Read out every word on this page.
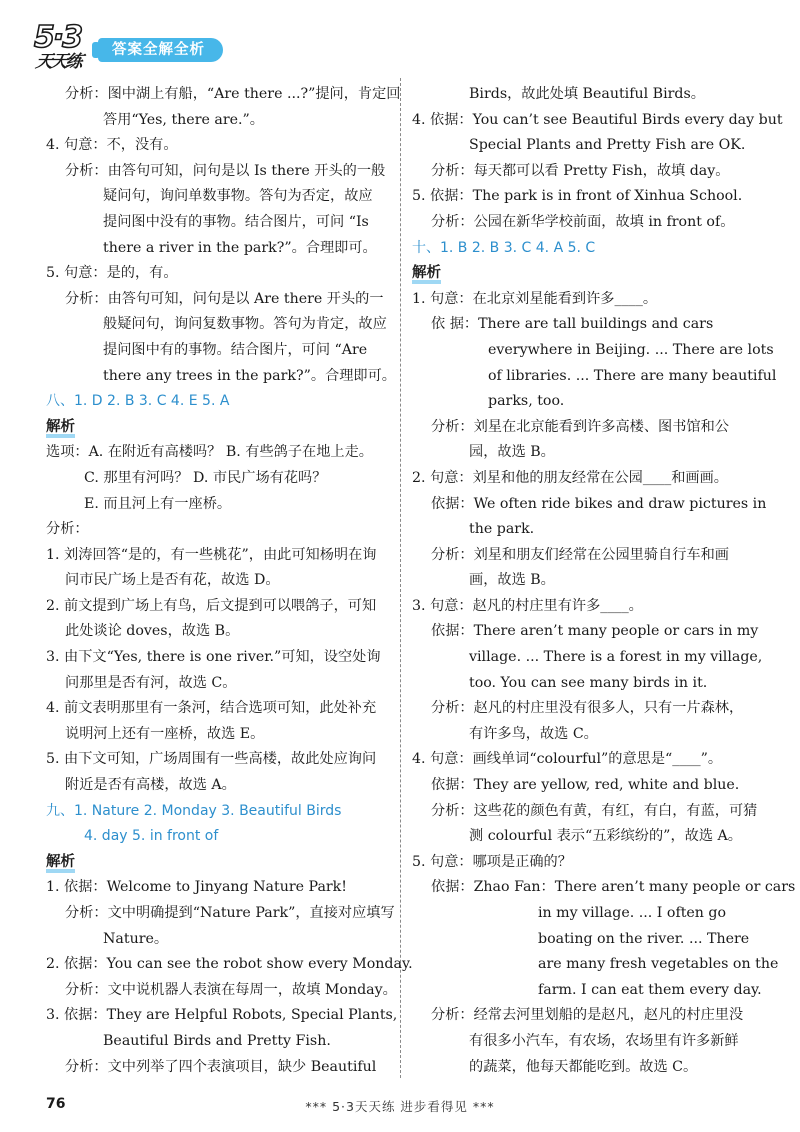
5·3
天天练
答案全解全析
分析：图中湖上有船，“Are there ...?”提问，肯定回
答用“Yes, there are.”。
4. 句意：不，没有。
分析：由答句可知，问句是以 Is there 开头的一般
疑问句，询问单数事物。答句为否定，故应
提问图中没有的事物。结合图片，可问 “Is
there a river in the park?”。合理即可。
5. 句意：是的，有。
分析：由答句可知，问句是以 Are there 开头的一
般疑问句，询问复数事物。答句为肯定，故应
提问图中有的事物。结合图片，可问 “Are
there any trees in the park?”。合理即可。
八、1. D 2. B 3. C 4. E 5. A
解析
选项：A. 在附近有高楼吗？ B. 有些鸽子在地上走。
C. 那里有河吗？ D. 市民广场有花吗？
E. 而且河上有一座桥。
分析：
1. 刘涛回答“是的，有一些桃花”，由此可知杨明在询
问市民广场上是否有花，故选 D。
2. 前文提到广场上有鸟，后文提到可以喂鸽子，可知
此处谈论 doves，故选 B。
3. 由下文“Yes, there is one river.”可知，设空处询
问那里是否有河，故选 C。
4. 前文表明那里有一条河，结合选项可知，此处补充
说明河上还有一座桥，故选 E。
5. 由下文可知，广场周围有一些高楼，故此处应询问
附近是否有高楼，故选 A。
九、1. Nature 2. Monday 3. Beautiful Birds
4. day 5. in front of
解析
1. 依据：Welcome to Jinyang Nature Park!
分析：文中明确提到“Nature Park”，直接对应填写
Nature。
2. 依据：You can see the robot show every Monday.
分析：文中说机器人表演在每周一，故填 Monday。
3. 依据：They are Helpful Robots, Special Plants,
Beautiful Birds and Pretty Fish.
分析：文中列举了四个表演项目，缺少 Beautiful
Birds，故此处填 Beautiful Birds。
4. 依据：You can’t see Beautiful Birds every day but
Special Plants and Pretty Fish are OK.
分析：每天都可以看 Pretty Fish，故填 day。
5. 依据：The park is in front of Xinhua School.
分析：公园在新华学校前面，故填 in front of。
十、1. B 2. B 3. C 4. A 5. C
解析
1. 句意：在北京刘星能看到许多____。
依 据：There are tall buildings and cars
everywhere in Beijing. ... There are lots
of libraries. ... There are many beautiful
parks, too.
分析：刘星在北京能看到许多高楼、图书馆和公
园，故选 B。
2. 句意：刘星和他的朋友经常在公园____和画画。
依据：We often ride bikes and draw pictures in
the park.
分析：刘星和朋友们经常在公园里骑自行车和画
画，故选 B。
3. 句意：赵凡的村庄里有许多____。
依据：There aren’t many people or cars in my
village. ... There is a forest in my village,
too. You can see many birds in it.
分析：赵凡的村庄里没有很多人，只有一片森林，
有许多鸟，故选 C。
4. 句意：画线单词“colourful”的意思是“____”。
依据：They are yellow, red, white and blue.
分析：这些花的颜色有黄，有红，有白，有蓝，可猜
测 colourful 表示“五彩缤纷的”，故选 A。
5. 句意：哪项是正确的？
依据：Zhao Fan：There aren’t many people or cars
in my village. ... I often go
boating on the river. ... There
are many fresh vegetables on the
farm. I can eat them every day.
分析：经常去河里划船的是赵凡，赵凡的村庄里没
有很多小汽车，有农场，农场里有许多新鲜
的蔬菜，他每天都能吃到。故选 C。
76	*** 5·3天天练 进步看得见 ***
